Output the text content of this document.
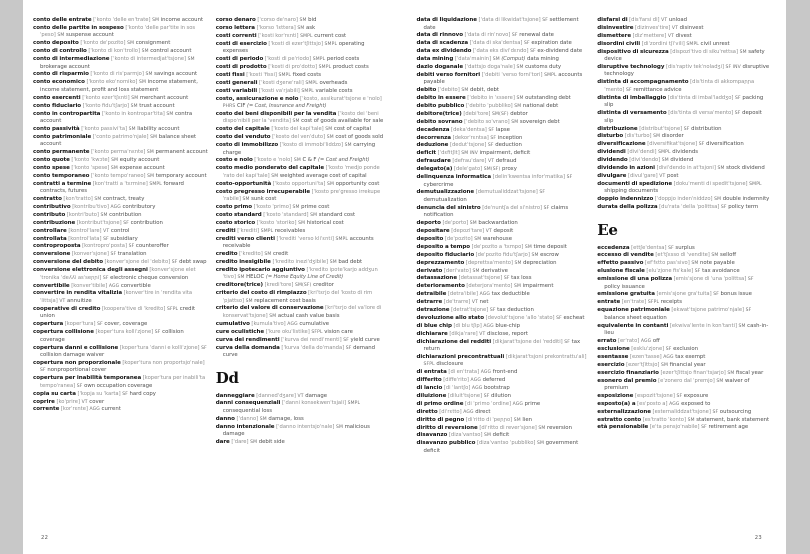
conto delle entrate [ˈkonto ˈdelle enˈtrate] SM income account

conto delle partite in sospeso [ˈkonto ˈdelle parˈtite in sosˈpeso] SM suspense account

conto deposito [ˈkonto deˈpozito] SM consignment

conto di controllo [ˈkonto di konˈtrollo] SM control account

conto di intermediazione [ˈkonto di intermedjatˈtsjone] SM brokerage account

conto di risparmio [ˈkonto di risˈparmjo] SM savings account

conto economico [ˈkonto ekoˈnomiko] SM income statement, income statement, profit and loss statement

conto esercenti [ˈkonto ezerˈtʃɛnti] SM merchant account

conto fiduciario [ˈkonto fiduˈtʃarjo] SM trust account

conto in contropartita [ˈkonto in kontroparˈtita] SM contra account

conto passività [ˈkonto passiviˈta] SM liability account

conto patrimoniale [ˈconto patrimoˈnjale] SM balance sheet account

conto permanente [ˈkonto permaˈnɛnte] SM permanent account

conto quote [ˈkonto ˈkwɔte] SM equity account

conto spese [ˈkonto ˈspese] SM expense account

conto temporaneo [ˈkonto tempoˈraneo] SM temporary account

contratti a termine [konˈtratti a ˈtɛrmine] SMPL forward contracts, futures

contratto [konˈtratto] SM contract, treaty

contributivo [kontribuˈtivo] AGG contributory

contributo [kontriˈbuto] SM contribution

contribuzione [kontributˈtsjone] SF contribution

controllare [kontrolˈlare] VT control

controllata [kontrolˈlata] SF subsidiary

controproposta [kontroproˈposta] SF counteroffer

conversione [konverˈsjone] SF translation

conversione del debito [konverˈsjone del ˈdebito] SF debt swap

conversione elettronica degli assegni [konverˈsjone eletˈtronika ˈdeʎʎi asˈseɲɲi] SF electronic cheque conversion

convertibile [konverˈtibile] AGG convertible

convertire in rendita vitalizia [konverˈtire in ˈrendita vitaˈlittsja] VT annuitize

cooperative di credito [kooperaˈtive di ˈkredito] SFPL credit union

copertura [koperˈtura] SF cover, coverage

copertura collisione [koperˈtura kolliˈzjone] SF collision coverage

copertura danni e collisione [koperˈtura ˈdanni e kolliˈzjone] SF collision damage waiver

copertura non proporzionale [koperˈtura non proportsjoˈnale] SF nonproportional cover

copertura per inabilità temporanea [koperˈtura per inabiliˈta tempoˈranea] SF own occupation coverage

copia su carta [ˈkopja su ˈkarta] SF hard copy

coprire [koˈprire] VT cover

corrente [korˈrɛnte] AGG current

corso denaro [ˈcorso deˈnaro] SM bid

corso lettera [ˈkorso ˈlɛttera] SM ask

costi correnti [ˈkosti korˈrɛnti] SMPL current cost

costi di esercizio [ˈkosti di ezerˈtʃittsjo] SMPL operating expenses

costi di periodo [ˈkosti di peˈriodo] SMPL period costs

costi di prodotto [ˈkosti di proˈdotto] SMPL product costs

costi fissi [ˈkosti ˈfissi] SMPL fixed costs

costi generali [ˈkosti dʒeneˈrali] SMPL overheads

costi variabili [ˈkosti vaˈrjabili] SMPL variable costs

costo, assicurazione e nolo [ˈkosto, assikuratˈtsjone e ˈnolo] PHRS CIF (= Cost, Insurance and Freight)

costo dei beni disponibili per la vendita [ˈkosto dei ˈbeni dispoˈnibili per la ˈvendita] SM cost of goods available for sale

costo del capitale [ˈkosto del kapiˈtale] SM cost of capital

costo del venduto [ˈkosto del venˈduto] SM cost of goods sold

costo di immobilizzo [ˈkosto di immobiˈliddzo] SM carrying charge

costo e nolo [ˈkosto e ˈnolo] SM C & F (= Cost and Freight)

costo medio ponderato del capitale [ˈkosto ˈmedjo pondeˈrato del kapiˈtale] SM weighted average cost of capital

costo-opportunità [ˈkosto opportuniˈta] SM opportunity cost

costo pregresso irrecuperabile [ˈkosto preˈgresso irrekupeˈrabile] SM sunk cost

costo primo [ˈkosto ˈprimo] SM prime cost

costo standard [ˈkosto ˈstandard] SM standard cost

costo storico [ˈkosto ˈstoriko] SM historical cost

crediti [ˈkrediti] SMPL receivables

crediti verso clienti [ˈkrediti ˈverso kliˈɛnti] SMPL accounts receivable

credito [ˈkredito] SM credit

credito inesigibile [ˈkredito ineziˈdʒibile] SM bad debt

credito ipotecario aggiuntivo [ˈkredito ipoteˈkarjo addʒunˈtivo] SM HELOC (= Home Equity Line of Credit)

creditore(trice) [krediˈtore] SM(SF) creditor

criterio del costo di rimpiazzo [kriˈtɛrjo del ˈkosto di rimˈpjattso] SM replacement cost basis

criterio del valore di conservazione [kriˈtɛrjo del vaˈlore di konservatˈtsjone] SM actual cash value basis

cumulativo [kumulaˈtivo] AGG cumulative

cure oculistiche [ˈkure okuˈlistike] SFPL vision care

curva dei rendimenti [ˈkurva dei rendiˈmenti] SF yield curve

curva della domanda [ˈkurva ˈdella doˈmanda] SF demand curve

Dd

danneggiare [dannedˈdʒare] VT damage

danni consequenziali [ˈdanni konsekwenˈtsjali] SMPL consequential loss

danno [ˈdanno] SM damage, loss

danno intenzionale [ˈdanno intentsjoˈnale] SM malicious damage

dare [ˈdare] SM debit side

22

data di liquidazione [ˈdata di likwidatˈtsjone] SF settlement date

data di rinnovo [ˈdata di rinˈnovo] SF renewal date

data di scadenza [ˈdata di skaˈdentsa] SF expiration date

data ex dividendo [ˈdata eks diviˈdɛndo] SF ex-dividend date

data mining [ˈdataˈmainin] SM (Comput) data mining

dazio doganale [ˈdattsjo dogaˈnale] SM customs duty

debiti verso fornitori [ˈdebiti ˈverso forniˈtori] SMPL accounts payable

debito [ˈdebito] SM debit, debt

debito in essere [ˈdebito in ˈɛssere] SM outstanding debt

debito pubblico [ˈdebito ˈpubbliko] SM national debt

debitore(trice) [debiˈtore] SM(SF) debtor

debito sovrano [ˈdebito soˈvrano] SM sovereign debt

decadenza [dekaˈdentsa] SF lapse

decorrenza [dekorˈrɛntsa] SF inception

deduzione [dedutˈtsjone] SF deduction

deficit [ˈdɛfitʃit] SM INV impairment, deficit

defraudare [defrauˈdare] VT defraud

delegato(a) [deleˈgato] SM(SF) proxy

delinquenza informatica [delinˈkwentsa inforˈmatika] SF cybercrime

demutualizzazione [demutualiddzatˈtsjone] SF demutualization

denuncia del sinistro [deˈnuntʃa del siˈnistro] SF claims notification

deporto [deˈporto] SM backwardation

depositare [depoziˈtare] VT deposit

deposito [deˈpozito] SM warehouse

deposito a tempo [deˈpozito a ˈtɛmpo] SM time deposit

deposito fiduciario [deˈpozito fiduˈtʃarjo] SM escrow

deprezzamento [deprettsaˈmento] SM depreciation

derivato [deriˈvato] SM derivative

detassazione [detassatˈtsjone] SF tax loss

deterioramento [deterjoraˈmento] SM impairment

detraibile [detraˈibile] AGG tax deductible

detrarre [deˈtrarre] VT net

detrazione [detratˈtsjone] SF tax deduction

devoluzione allo stato [devolutˈtsjone ˈallo ˈstato] SF escheat

di blue chip [di blu tʃip] AGG blue-chip

dichiarare [dikjaˈrare] VT disclose, report

dichiarazione dei redditi [dikjaratˈtsjone dei ˈredditi] SF tax return

dichiarazioni precontrattuali [dikjaratˈtsjoni prekontrattuˈali] SFPL disclosure

di entrata [di enˈtrata] AGG front-end

differito [diffeˈrito] AGG deferred

di lancio [di ˈlantʃo] AGG bootstrap

diluizione [diluitˈtsjone] SF dilution

di primo ordine [di ˈprimo ˈordine] AGG prime

diretto [diˈrɛtto] AGG direct

diritto di pegno [diˈritto di ˈpeɲɲo] SM lien

diritto di reversione [diˈritto di reverˈsjone] SM reversion

disavanzo [dizaˈvantso] SM deficit

disavanzo pubblico [dizaˈvantso ˈpubbliko] SM government deficit

disfarsi di [disˈfarsi di] VT unload

disinvestire [dizinvesˈtire] VT disinvest

dismettere [dizˈmettere] VT divest

disordini civili [diˈzordini tʃiˈvili] SMPL civil unrest

dispositivo di sicurezza [dispoziˈtivo di sikuˈrettsa] SM safety device

disruptive technology [disˈraptiv tekˈnoladʒi] SF INV disruptive technology

distinta di accompagnamento [disˈtinta di akkompaɲɲaˈmento] SF remittance advice

distinta di imballaggio [disˈtinta di imbalˈladdʒo] SF packing slip

distinta di versamento [disˈtinta di versaˈmento] SF deposit slip

distribuzione [distributˈtsjone] SF distribution

disturbo [disˈturbo] SM disorder

diversificazione [diversifikatˈtsjone] SF diversification

dividendi [diviˈdendi] SMPL dividends

dividendo [diviˈdendo] SM dividend

dividendo in azioni [diviˈdendo in atˈtsjoni] SM stock dividend

divulgare [divulˈgare] VT post

documenti di spedizione [dokuˈmenti di speditˈtsjone] SMPL shipping documents

doppio indennizzo [ˈdoppjo indenˈniddzo] SM double indemnity

durata della polizza [duˈrata ˈdella ˈpolittsa] SF policy term

Ee

eccedenza [ettʃeˈdentsa] SF surplus

eccesso di vendite [etˈtʃɛsso di ˈvendite] SM selloff

effetto passivo [efˈfɛtto pasˈsivo] SM note payable

elusione fiscale [eluˈzjone fisˈkale] SF tax avoidance

emissione di una polizza [emisˈsjone di ˈuna ˈpolittsa] SF policy issuance

emissione gratuita [emisˈsjone graˈtuita] SF bonus issue

entrate [enˈtrate] SFPL receipts

equazione patrimoniale [ekwatˈtsjone patrimoˈnjale] SF balance sheet equation

equivalente in contanti [ekwivaˈlente in konˈtanti] SM cash-in-lieu

errato [erˈrato] AGG off

esclusione [eskluˈzjone] SF exclusion

esentasse [ezenˈtasse] AGG tax exempt

esercizio [ezerˈtʃittsjo] SM financial year

esercizio finanziario [ezerˈtʃittsjo finanˈtsjarjo] SM fiscal year

esonero dal premio [eˈzonero dal ˈpremjo] SM waiver of premium

esposizione [espozitˈtsjone] SF exposure

esposto(a) a [esˈposto a] AGG exposed to

esternalizzazione [esternaliddzatˈtsjone] SF outsourcing

estratto conto [esˈtratto ˈkonto] SM statement, bank statement

età pensionabile [eˈta pensjoˈnabile] SF retirement age

23
